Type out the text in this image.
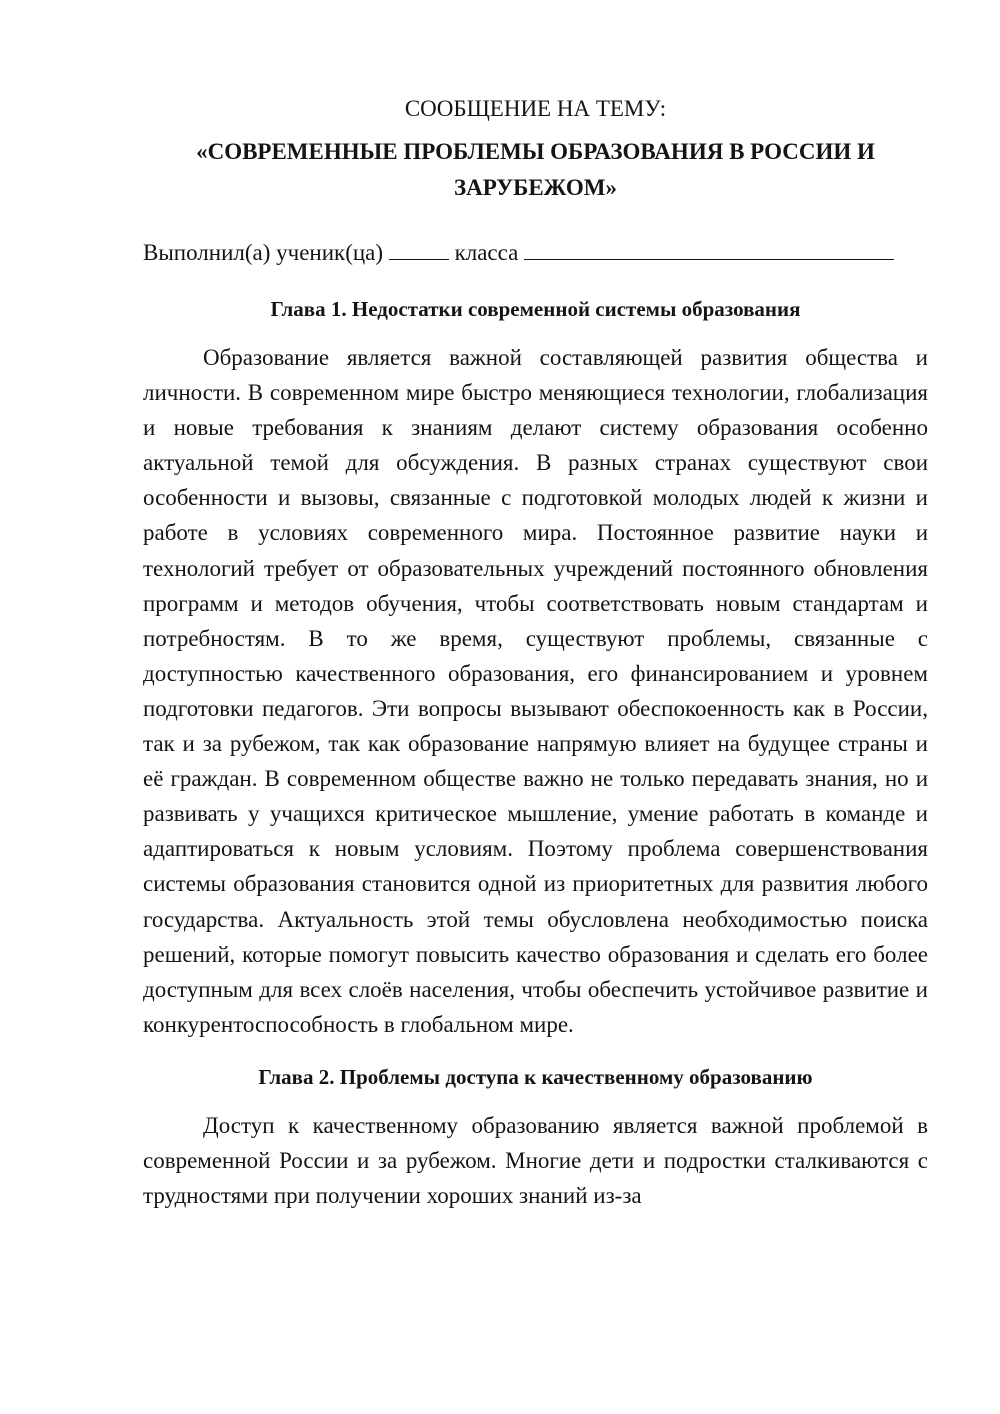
СООБЩЕНИЕ НА ТЕМУ:

«СОВРЕМЕННЫЕ ПРОБЛЕМЫ ОБРАЗОВАНИЯ В РОССИИ И ЗАРУБЕЖОМ»

Выполнил(а) ученик(ца)	класса

Глава 1. Недостатки современной системы образования

Образование является важной составляющей развития общества и личности. В современном мире быстро меняющиеся технологии, глобализация и новые требования к знаниям делают систему образования особенно актуальной темой для обсуждения. В разных странах существуют свои особенности и вызовы, связанные с подготовкой молодых людей к жизни и работе в условиях современного мира. Постоянное развитие науки и технологий требует от образовательных учреждений постоянного обновления программ и методов обучения, чтобы соответствовать новым стандартам и потребностям. В то же время, существуют проблемы, связанные с доступностью качественного образования, его финансированием и уровнем подготовки педагогов. Эти вопросы вызывают обеспокоенность как в России, так и за рубежом, так как образование напрямую влияет на будущее страны и её граждан. В современном обществе важно не только передавать знания, но и развивать у учащихся критическое мышление, умение работать в команде и адаптироваться к новым условиям. Поэтому проблема совершенствования системы образования становится одной из приоритетных для развития любого государства. Актуальность этой темы обусловлена необходимостью поиска решений, которые помогут повысить качество образования и сделать его более доступным для всех слоёв населения, чтобы обеспечить устойчивое развитие и конкурентоспособность в глобальном мире.

Глава 2. Проблемы доступа к качественному образованию

Доступ к качественному образованию является важной проблемой в современной России и за рубежом. Многие дети и подростки сталкиваются с трудностями при получении хороших знаний из-за
